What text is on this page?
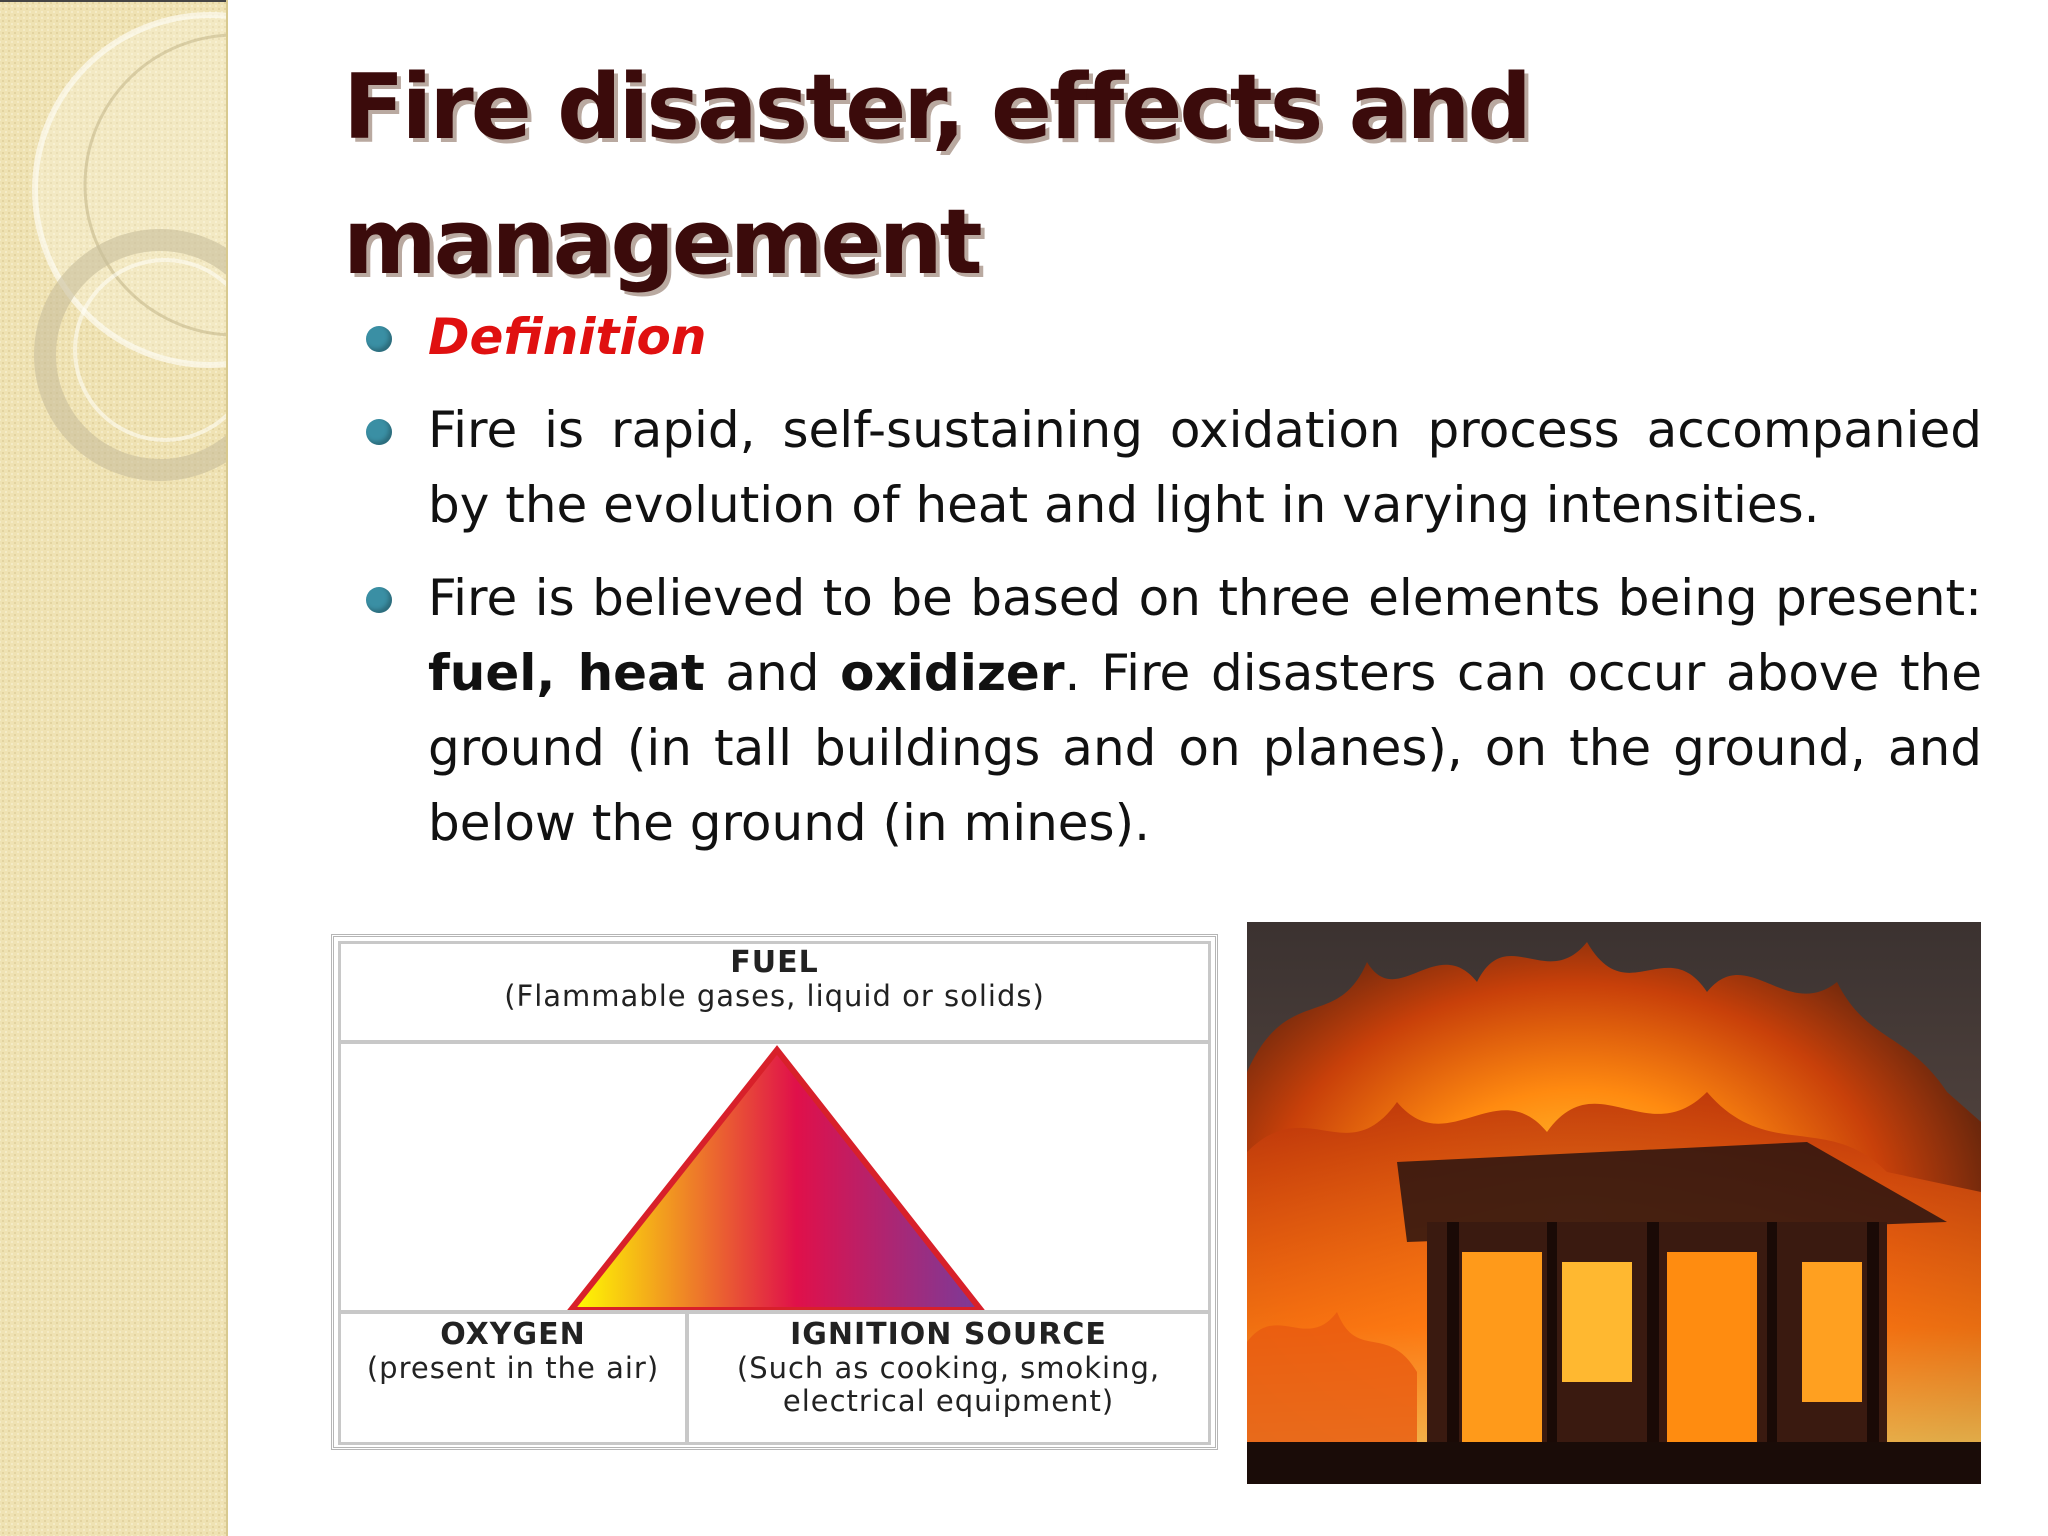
Fire disaster, effects and
management
Definition
Fire is rapid, self-sustaining oxidation process accompanied by the evolution of heat and light in varying intensities.
Fire is believed to be based on three elements being present: fuel, heat and oxidizer. Fire disasters can occur above the ground (in tall buildings and on planes), on the ground, and below the ground (in mines).
FUEL
(Flammable gases, liquid or solids)
OXYGEN
(present in the air)
IGNITION SOURCE
(Such as cooking, smoking,
electrical equipment)
